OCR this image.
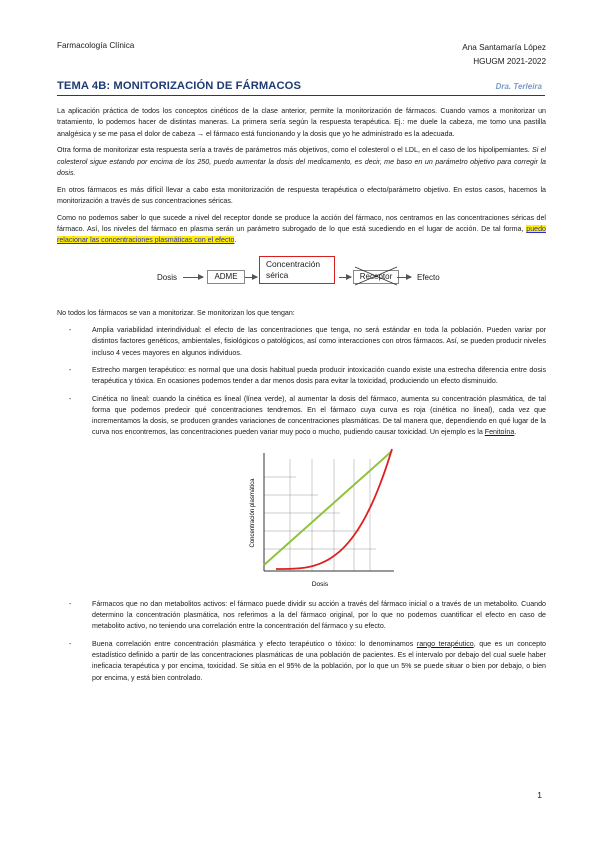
Farmacología Clínica	Ana Santamaría López
HGUGM 2021-2022
TEMA 4B: MONITORIZACIÓN DE FÁRMACOS	Dra. Terleira

La aplicación práctica de todos los conceptos cinéticos de la clase anterior, permite la monitorización de fármacos. Cuando vamos a monitorizar un tratamiento, lo podemos hacer de distintas maneras. La primera sería según la respuesta terapéutica. Ej.: me duele la cabeza, me tomo una pastilla analgésica y se me pasa el dolor de cabeza → el fármaco está funcionando y la dosis que yo he administrado es la adecuada.

Otra forma de monitorizar esta respuesta sería a través de parámetros más objetivos, como el colesterol o el LDL, en el caso de los hipolipemiantes. Si el colesterol sigue estando por encima de los 250, puedo aumentar la dosis del medicamento, es decir, me baso en un parámetro objetivo para corregir la dosis.

En otros fármacos es más difícil llevar a cabo esta monitorización de respuesta terapéutica o efecto/parámetro objetivo. En estos casos, hacemos la monitorización a través de sus concentraciones séricas.

Como no podemos saber lo que sucede a nivel del receptor donde se produce la acción del fármaco, nos centramos en las concentraciones séricas del fármaco. Así, los niveles del fármaco en plasma serán un parámetro subrogado de lo que está sucediendo en el lugar de acción. De tal forma, puedo relacionar las concentraciones plasmáticas con el efecto.

Dosis	ADME
Concentración
sérica	Receptor	Efecto

No todos los fármacos se van a monitorizar. Se monitorizan los que tengan:

-	Amplia variabilidad interindividual: el efecto de las concentraciones que tenga, no será estándar en toda la población. Pueden variar por distintos factores genéticos, ambientales, fisiológicos o patológicos, así como interacciones con otros fármacos. Así, se pueden producir niveles incluso 4 veces mayores en algunos individuos.
-	Estrecho margen terapéutico: es normal que una dosis habitual pueda producir intoxicación cuando existe una estrecha diferencia entre dosis terapéutica y tóxica. En ocasiones podemos tender a dar menos dosis para evitar la toxicidad, produciendo un efecto disminuido.
-	Cinética no lineal: cuando la cinética es lineal (línea verde), al aumentar la dosis del fármaco, aumenta su concentración plasmática, de tal forma que podemos predecir qué concentraciones tendremos. En el fármaco cuya curva es roja (cinética no lineal), cada vez que incrementamos la dosis, se producen grandes variaciones de concentraciones plasmáticas. De tal manera que, dependiendo en qué lugar de la curva nos encontremos, las concentraciones pueden variar muy poco o mucho, pudiendo causar toxicidad. Un ejemplo es la Fenitoína.
Dosis
Concentración plasmática
-	Fármacos que no dan metabolitos activos: el fármaco puede dividir su acción a través del fármaco inicial o a través de un metabolito. Cuando determino la concentración plasmática, nos referimos a la del fármaco original, por lo que no podemos cuantificar el efecto en caso de metabolito activo, no teniendo una correlación entre la concentración del fármaco y su efecto.
-	Buena correlación entre concentración plasmática y efecto terapéutico o tóxico: lo denominamos rango terapéutico, que es un concepto estadístico definido a partir de las concentraciones plasmáticas de una población de pacientes. Es el intervalo por debajo del cual suele haber ineficacia terapéutica y por encima, toxicidad. Se sitúa en el 95% de la población, por lo que un 5% se puede situar o bien por debajo, o bien por encima, y está bien controlado.
1
